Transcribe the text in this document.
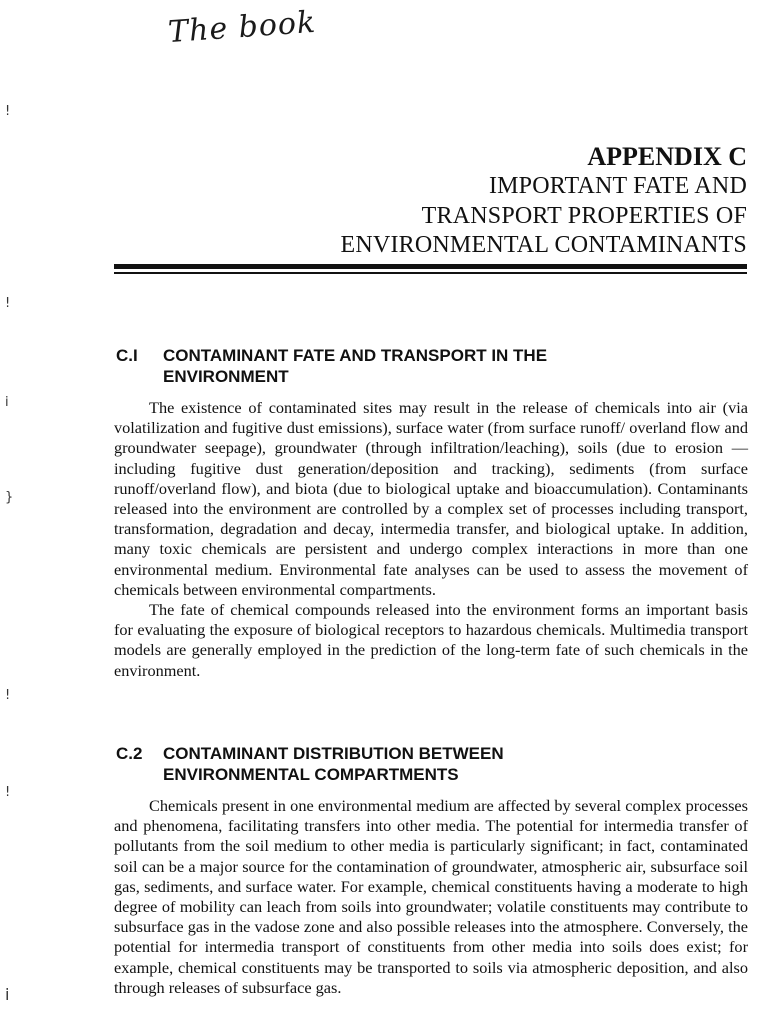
The book
!
!
i
}
!
!
i
APPENDIX C
IMPORTANT FATE AND
TRANSPORT PROPERTIES OF
ENVIRONMENTAL CONTAMINANTS
C.I CONTAMINANT FATE AND TRANSPORT IN THE ENVIRONMENT

The existence of contaminated sites may result in the release of chemicals into air (via volatilization and fugitive dust emissions), surface water (from surface runoff/ overland flow and groundwater seepage), groundwater (through infiltration/leaching), soils (due to erosion — including fugitive dust generation/deposition and tracking), sediments (from surface runoff/overland flow), and biota (due to biological uptake and bioaccumulation). Contaminants released into the environment are controlled by a complex set of processes including transport, transformation, degradation and decay, intermedia transfer, and biological uptake. In addition, many toxic chemicals are persistent and undergo complex interactions in more than one environmental medium. Environmental fate analyses can be used to assess the movement of chemicals between environmental compartments.

The fate of chemical compounds released into the environment forms an important basis for evaluating the exposure of biological receptors to hazardous chemicals. Multimedia transport models are generally employed in the prediction of the long-term fate of such chemicals in the environment.

C.2 CONTAMINANT DISTRIBUTION BETWEEN ENVIRONMENTAL COMPARTMENTS

Chemicals present in one environmental medium are affected by several complex processes and phenomena, facilitating transfers into other media. The potential for intermedia transfer of pollutants from the soil medium to other media is particularly significant; in fact, contaminated soil can be a major source for the contamination of groundwater, atmospheric air, subsurface soil gas, sediments, and surface water. For example, chemical constituents having a moderate to high degree of mobility can leach from soils into groundwater; volatile constituents may contribute to subsurface gas in the vadose zone and also possible releases into the atmosphere. Conversely, the potential for intermedia transport of constituents from other media into soils does exist; for example, chemical constituents may be transported to soils via atmospheric deposition, and also through releases of subsurface gas.
